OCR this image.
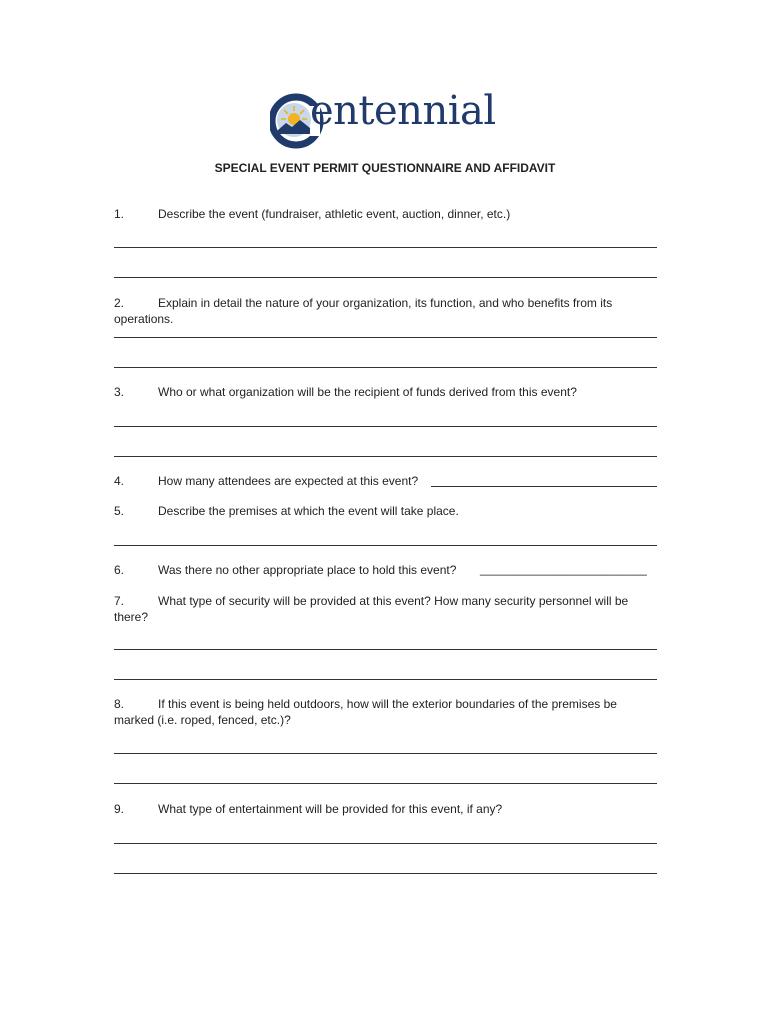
entennial
SPECIAL EVENT PERMIT QUESTIONNAIRE AND AFFIDAVIT
1.	Describe the event (fundraiser, athletic event, auction, dinner, etc.)
2.	Explain in detail the nature of your organization, its function, and who benefits from its
operations.
3.	Who or what organization will be the recipient of funds derived from this event?
4.	How many attendees are expected at this event?
5.	Describe the premises at which the event will take place.
6.	Was there no other appropriate place to hold this event?	_________________________
7.	What type of security will be provided at this event? How many security personnel will be
there?
8.	If this event is being held outdoors, how will the exterior boundaries of the premises be
marked (i.e. roped, fenced, etc.)?
9.	What type of entertainment will be provided for this event, if any?
